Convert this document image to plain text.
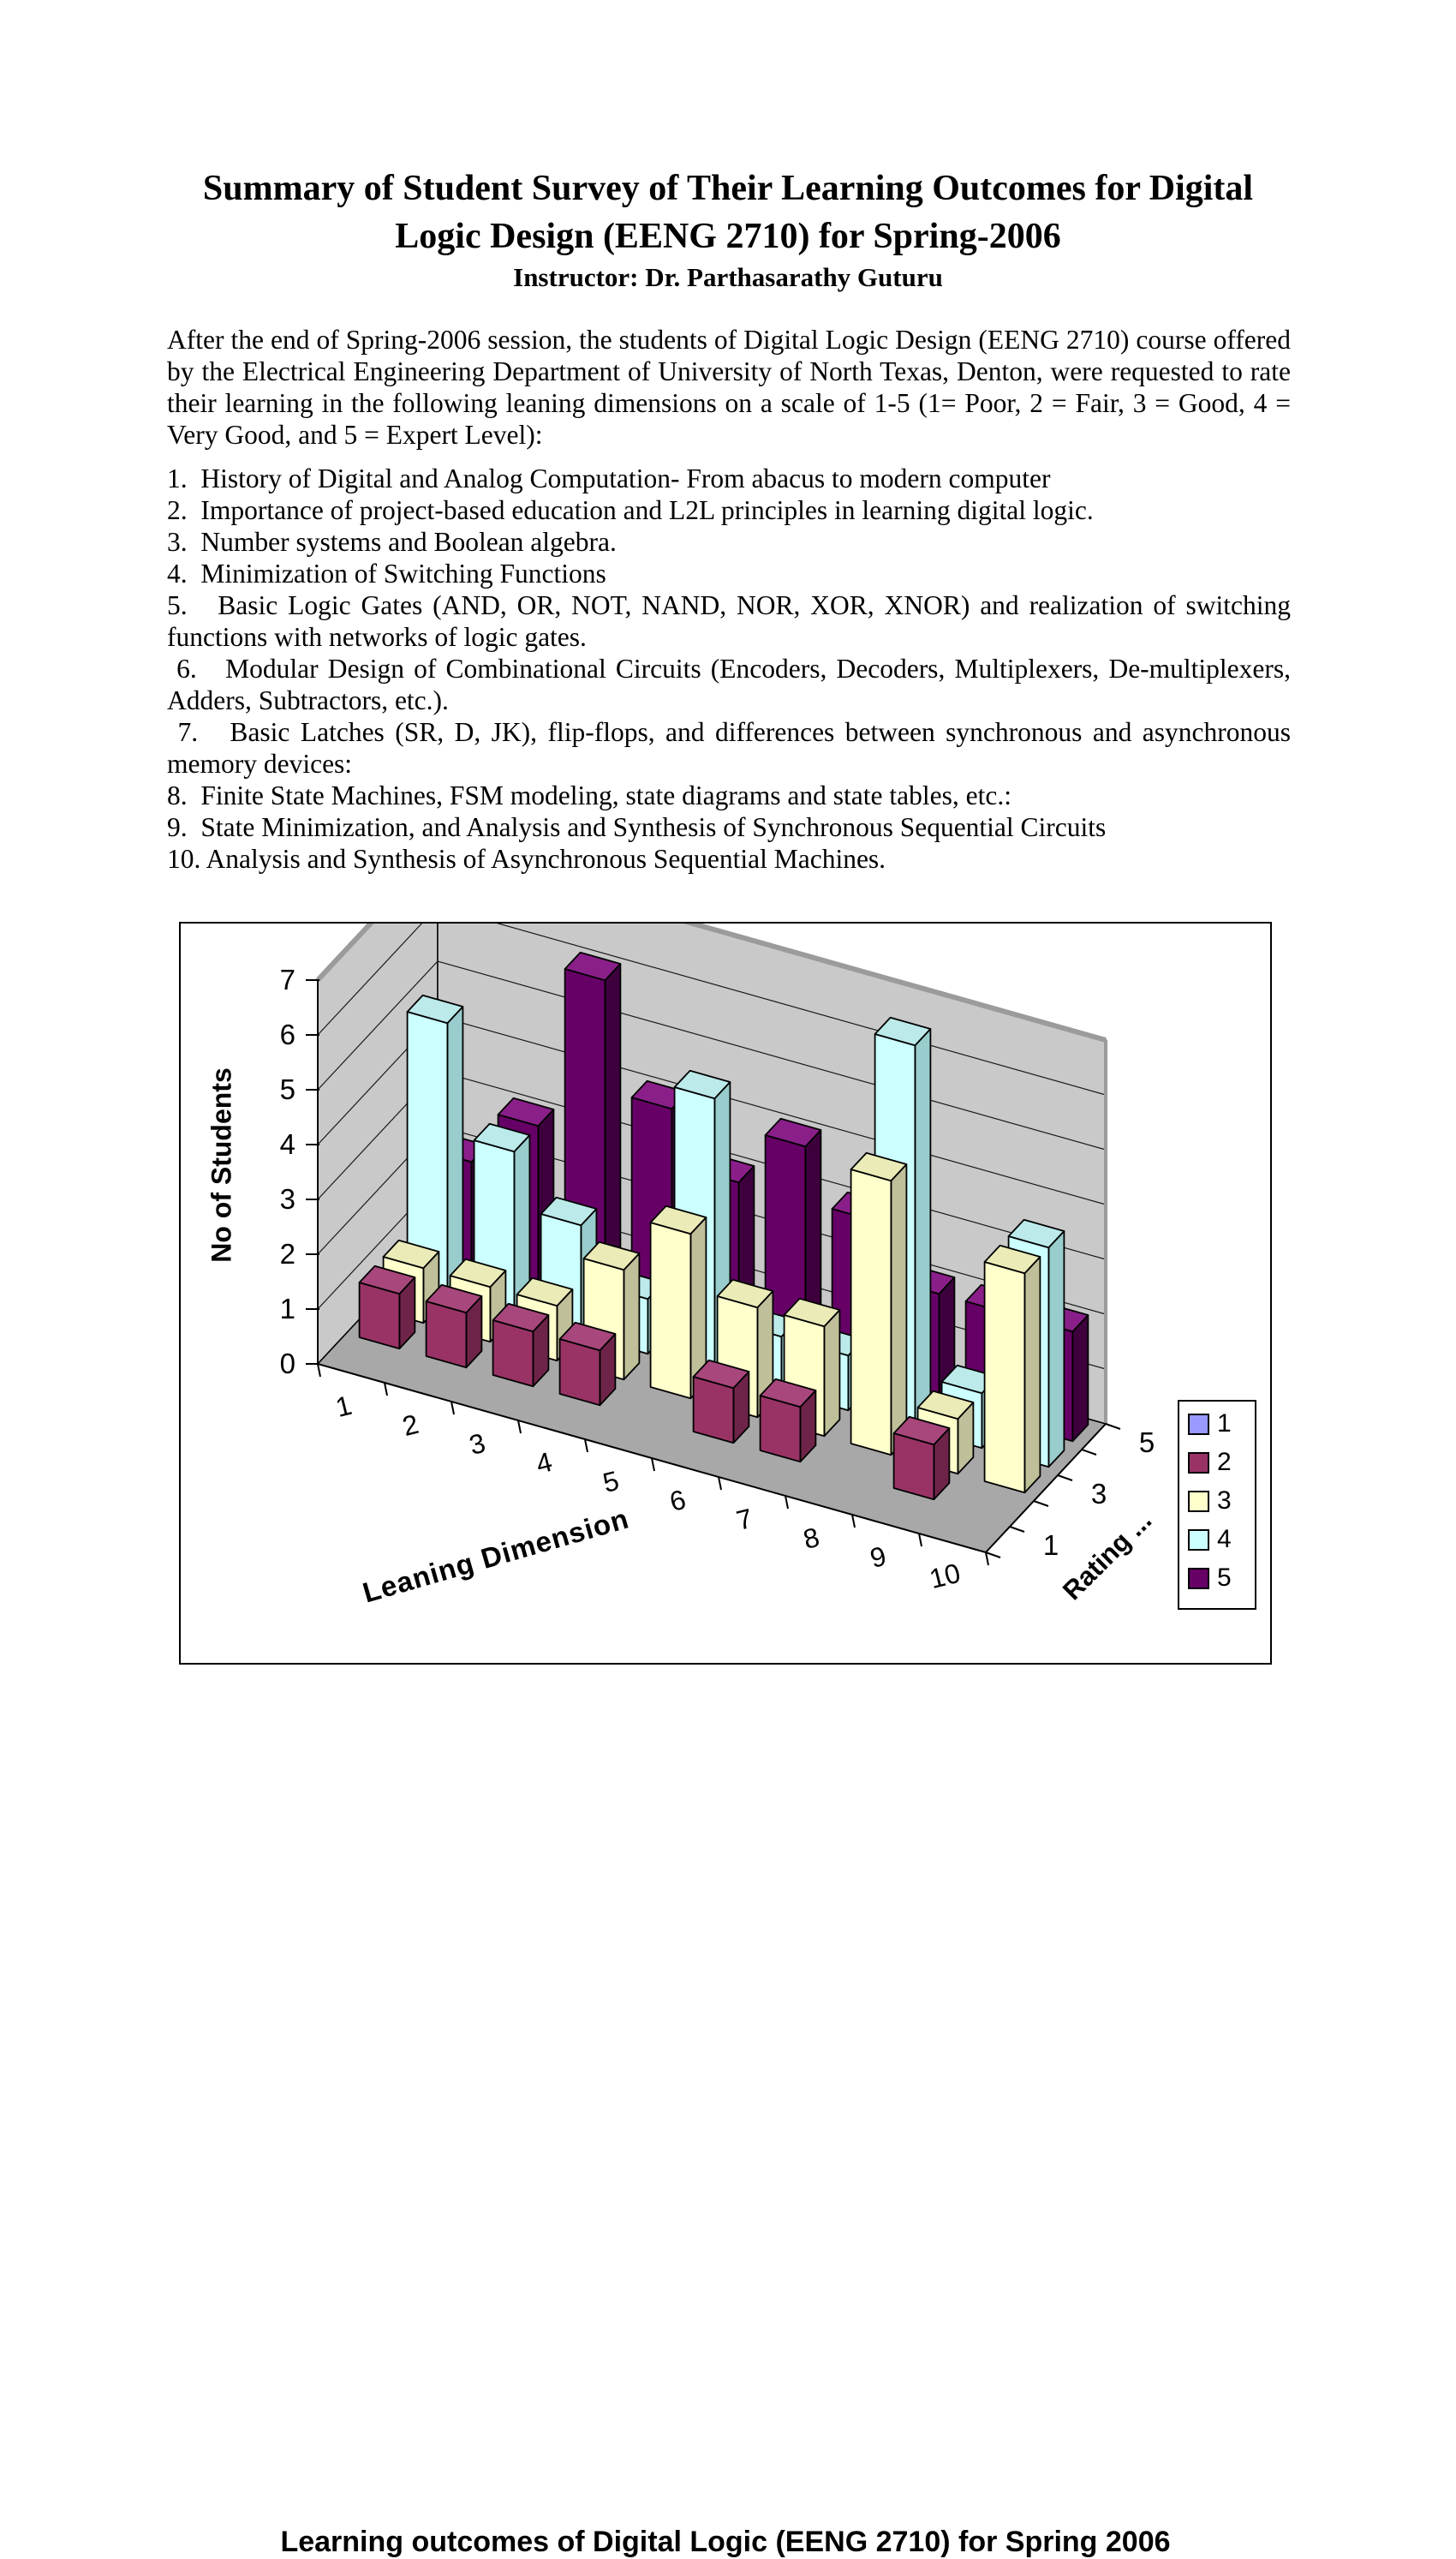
Summary of Student Survey of Their Learning Outcomes for Digital
Logic Design (EENG 2710) for Spring-2006
Instructor: Dr. Parthasarathy Guturu
After the end of Spring-2006 session, the students of Digital Logic Design (EENG 2710) course offered by the Electrical Engineering Department of University of North Texas, Denton, were requested to rate their learning in the following leaning dimensions on a scale of 1-5 (1= Poor, 2 = Fair, 3 = Good, 4 = Very Good, and 5 = Expert Level):

1.  History of Digital and Analog Computation- From abacus to modern computer

2.  Importance of project-based education and L2L principles in learning digital logic.

3.  Number systems and Boolean algebra.

4.  Minimization of Switching Functions

5.   Basic Logic Gates (AND, OR, NOT, NAND, NOR, XOR, XNOR) and realization of switching functions with networks of logic gates.

6.   Modular Design of Combinational Circuits (Encoders, Decoders, Multiplexers, De-multiplexers, Adders, Subtractors, etc.).

7.   Basic Latches (SR, D, JK), flip-flops, and differences between synchronous and asynchronous memory devices:

8.  Finite State Machines, FSM modeling, state diagrams and state tables, etc.:

9.  State Minimization, and Analysis and Synthesis of Synchronous Sequential Circuits

10. Analysis and Synthesis of Asynchronous Sequential Machines.

0
1
2
3
4
5
6
7
1
2
3
4
5
6
7
8
9
10
1
3
5
No of Students
Leaning Dimension	Rating ...
Learning outcomes of Digital Logic (EENG 2710) for Spring 2006
1
2
3
4
5
